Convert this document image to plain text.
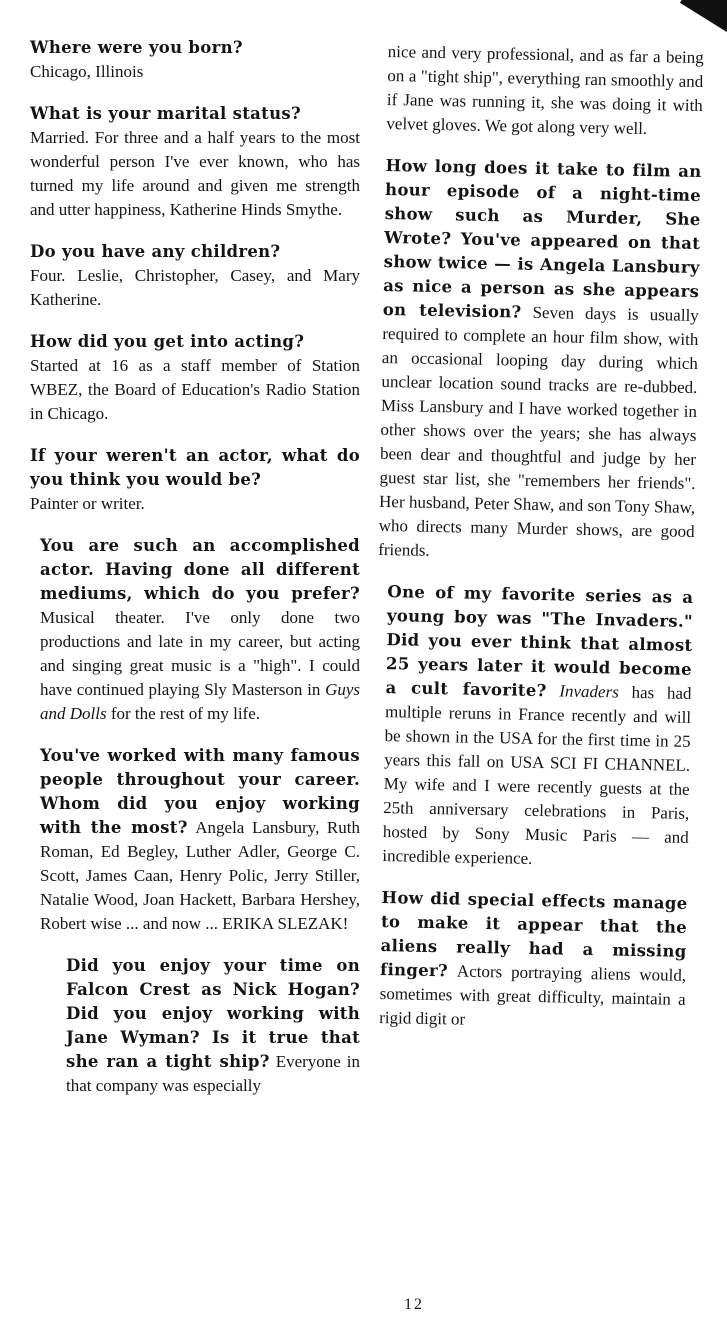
Where were you born?
Chicago, Illinois

What is your marital status?
Married. For three and a half years to the most wonderful person I've ever known, who has turned my life around and given me strength and utter happiness, Katherine Hinds Smythe.

Do you have any children?
Four. Leslie, Christopher, Casey, and Mary Katherine.

How did you get into acting?
Started at 16 as a staff member of Station WBEZ, the Board of Education's Radio Station in Chicago.

If your weren't an actor, what do you think you would be?
Painter or writer.

You are such an accomplished actor. Having done all different mediums, which do you prefer? Musical theater. I've only done two productions and late in my career, but acting and singing great music is a "high". I could have continued playing Sly Masterson in Guys and Dolls for the rest of my life.

You've worked with many famous people throughout your career. Whom did you enjoy working with the most? Angela Lansbury, Ruth Roman, Ed Begley, Luther Adler, George C. Scott, James Caan, Henry Polic, Jerry Stiller, Natalie Wood, Joan Hackett, Barbara Hershey, Robert wise ... and now ... ERIKA SLEZAK!

Did you enjoy your time on Falcon Crest as Nick Hogan? Did you enjoy working with Jane Wyman? Is it true that she ran a tight ship? Everyone in that company was especially

nice and very professional, and as far a being on a "tight ship", everything ran smoothly and if Jane was running it, she was doing it with velvet gloves. We got along very well.

How long does it take to film an hour episode of a night-time show such as Murder, She Wrote? You've appeared on that show twice — is Angela Lansbury as nice a person as she appears on television? Seven days is usually required to complete an hour film show, with an occasional looping day during which unclear location sound tracks are re-dubbed. Miss Lansbury and I have worked together in other shows over the years; she has always been dear and thoughtful and judge by her guest star list, she "remembers her friends". Her husband, Peter Shaw, and son Tony Shaw, who directs many Murder shows, are good friends.

One of my favorite series as a young boy was "The Invaders." Did you ever think that almost 25 years later it would become a cult favorite? Invaders has had multiple reruns in France recently and will be shown in the USA for the first time in 25 years this fall on USA SCI FI CHANNEL. My wife and I were recently guests at the 25th anniversary celebrations in Paris, hosted by Sony Music Paris — and incredible experience.

How did special effects manage to make it appear that the aliens really had a missing finger? Actors portraying aliens would, sometimes with great difficulty, maintain a rigid digit or

12
